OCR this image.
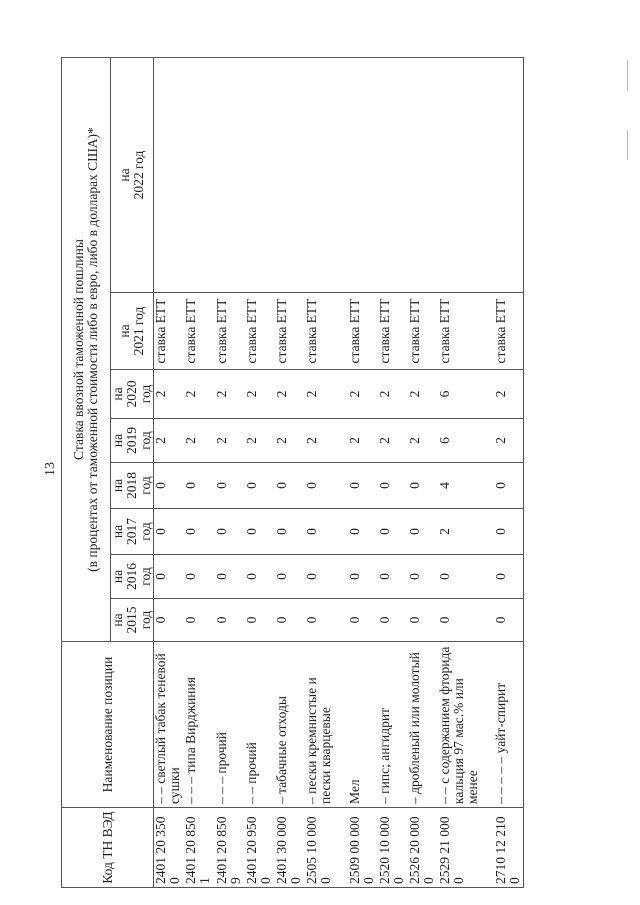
13
Код ТН ВЭД	Наименование позиции	Ставка ввозной таможенной пошлины (в процентах от таможенной стоимости либо в евро, либо в долларах США)*							

		на 2015 год	на 2016 год	на 2017 год	на 2018 год	на 2019 год	на 2020 год	на 2021 год	на 2022 год

2401 20 350 0	– – светлый табак теневой сушки	0	0	0	0	2	2	ставка ЕТТ	
2401 20 850 1	– – – типа Вирджиния	0	0	0	0	2	2	ставка ЕТТ	
2401 20 850 9	– – – прочий	0	0	0	0	2	2	ставка ЕТТ	
2401 20 950 0	– – прочий	0	0	0	0	2	2	ставка ЕТТ	
2401 30 000 0	– табачные отходы	0	0	0	0	2	2	ставка ЕТТ	
2505 10 000 0	– пески кремнистые и пески кварцевые	0	0	0	0	2	2	ставка ЕТТ	
2509 00 000 0	Мел	0	0	0	0	2	2	ставка ЕТТ	
2520 10 000 0	– гипс; ангидрит	0	0	0	0	2	2	ставка ЕТТ	
2526 20 000 0	– дробленый или молотый	0	0	0	0	2	2	ставка ЕТТ	
2529 21 000 0	– – с содержанием фторида кальция 97 мас.% или менее	0	0	2	4	6	6	ставка ЕТТ	
2710 12 210 0	– – – – – уайт-спирит	0	0	0	0	2	2	ставка ЕТТ	
